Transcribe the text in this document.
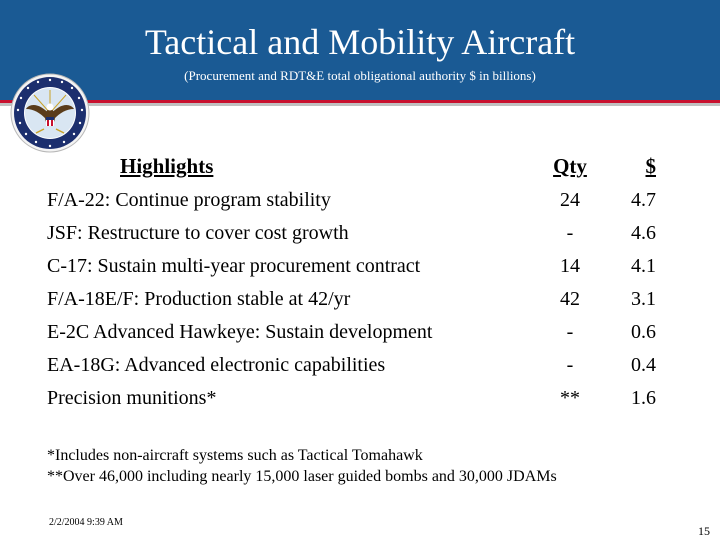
Tactical and Mobility Aircraft
(Procurement and RDT&E total obligational authority $ in billions)
Highlights	Qty	$
F/A-22: Continue program stability	24	4.7
JSF: Restructure to cover cost growth	-	4.6
C-17: Sustain multi-year procurement contract	14	4.1
F/A-18E/F: Production stable at 42/yr	42	3.1
E-2C Advanced Hawkeye: Sustain development	-	0.6
EA-18G: Advanced electronic capabilities	-	0.4
Precision munitions*	**	1.6
*Includes non-aircraft systems such as Tactical Tomahawk
**Over 46,000 including nearly 15,000 laser guided bombs and 30,000 JDAMs
2/2/2004 9:39 AM
15
